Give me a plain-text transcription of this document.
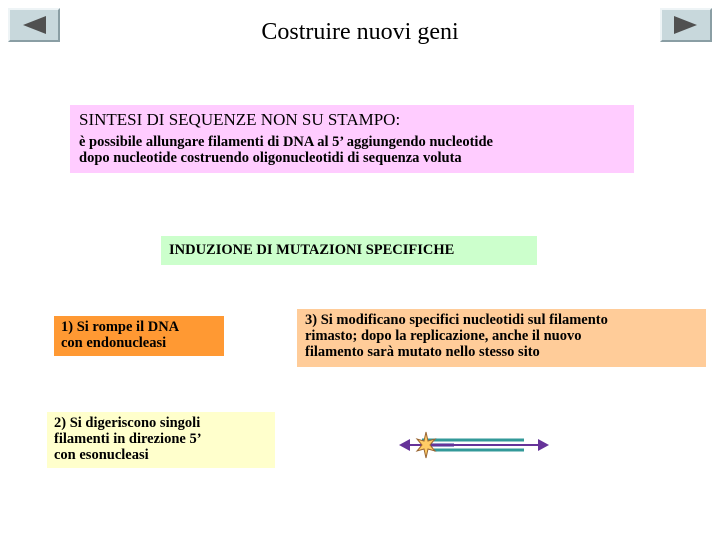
Costruire nuovi geni
SINTESI DI SEQUENZE NON SU STAMPO:
è possibile allungare filamenti di DNA al 5’ aggiungendo nucleotide
dopo nucleotide costruendo oligonucleotidi di sequenza voluta
INDUZIONE DI MUTAZIONI SPECIFICHE
1) Si rompe il DNA
con endonucleasi
2) Si digeriscono singoli
filamenti in direzione 5’
con esonucleasi
3) Si modificano specifici nucleotidi sul filamento
rimasto; dopo la replicazione, anche il nuovo
filamento sarà mutato nello stesso sito
